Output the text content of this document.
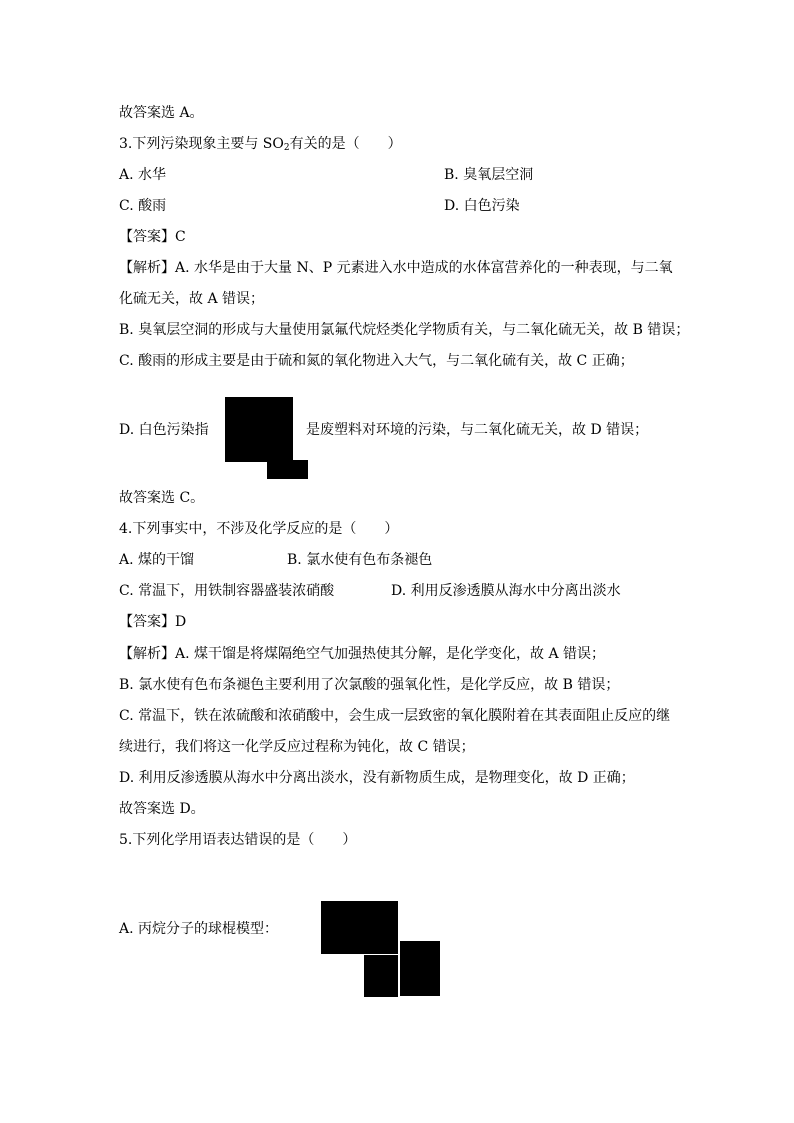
故答案选 A。
3.下列污染现象主要与 $SO_2$有关的是（　　）
A. 水华	B. 臭氧层空洞
C. 酸雨	D. 白色污染
【答案】C
【解析】A. 水华是由于大量 N、P 元素进入水中造成的水体富营养化的一种表现，与二氧
化硫无关，故 A 错误；
B. 臭氧层空洞的形成与大量使用氯氟代烷烃类化学物质有关，与二氧化硫无关，故 B 错误；
C. 酸雨的形成主要是由于硫和氮的氧化物进入大气，与二氧化硫有关，故 C 正确；
D. 白色污染指	是废塑料对环境的污染，与二氧化硫无关，故 D 错误；
故答案选 C。
4.下列事实中，不涉及化学反应的是（　　）
A. 煤的干馏	B. 氯水使有色布条褪色
C. 常温下，用铁制容器盛装浓硝酸	D. 利用反渗透膜从海水中分离出淡水
【答案】D
【解析】A. 煤干馏是将煤隔绝空气加强热使其分解，是化学变化，故 A 错误；
B. 氯水使有色布条褪色主要利用了次氯酸的强氧化性，是化学反应，故 B 错误；
C. 常温下，铁在浓硫酸和浓硝酸中，会生成一层致密的氧化膜附着在其表面阻止反应的继
续进行，我们将这一化学反应过程称为钝化，故 C 错误；
D. 利用反渗透膜从海水中分离出淡水，没有新物质生成，是物理变化，故 D 正确；
故答案选 D。
5.下列化学用语表达错误的是（　　）
A. 丙烷分子的球棍模型：
